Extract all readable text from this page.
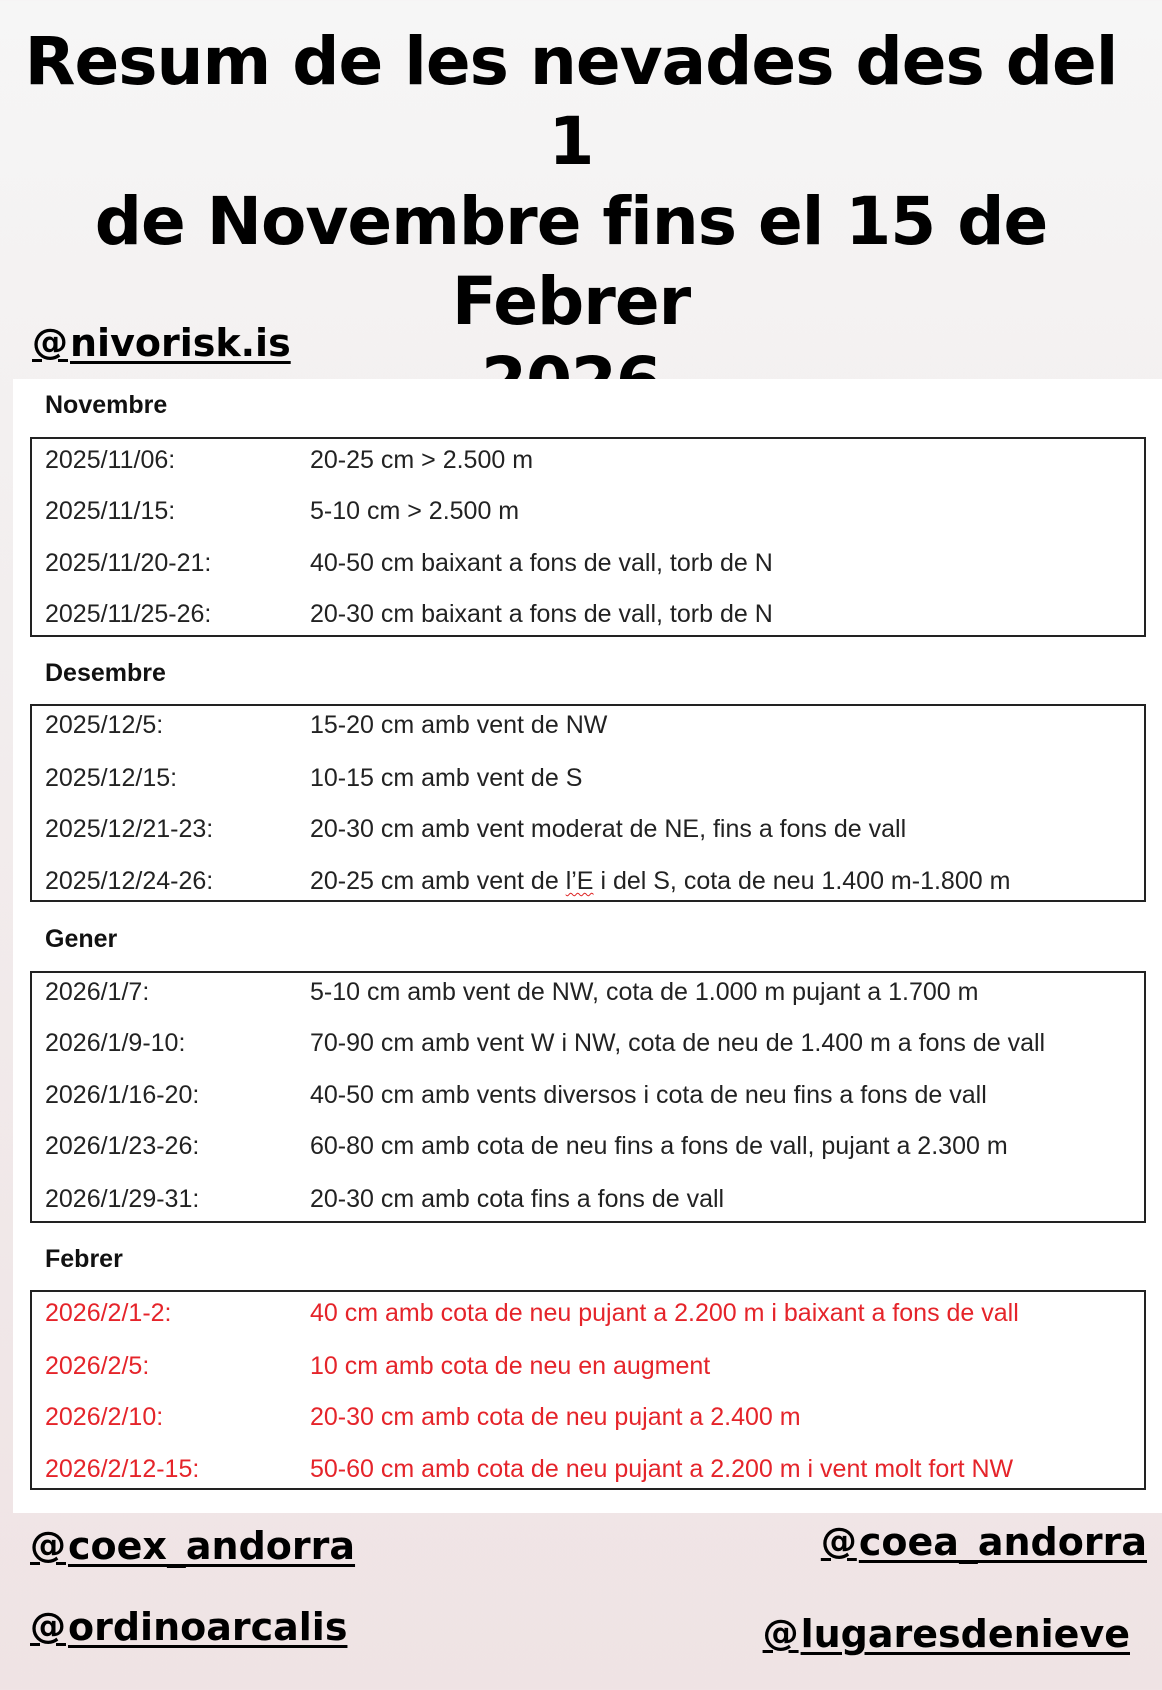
Resum de les nevades des del 1
de Novembre fins el 15 de Febrer
@ nivorisk.is
Novembre
2025/11/06:	20-25 cm > 2.500 m
2025/11/15:	5-10 cm > 2.500 m
2025/11/20-21:	40-50 cm baixant a fons de vall, torb de N
2025/11/25-26:	20-30 cm baixant a fons de vall, torb de N
Desembre
2025/12/5:	15-20 cm amb vent de NW
2025/12/15:	10-15 cm amb vent de S
2025/12/21-23:	20-30 cm amb vent moderat de NE, fins a fons de vall
2025/12/24-26:	20-25 cm amb vent de l’E i del S, cota de neu 1.400 m-1.800 m
Gener
2026/1/7:	5-10 cm amb vent de NW, cota de 1.000 m pujant a 1.700 m
2026/1/9-10:	70-90 cm amb vent W i NW, cota de neu de 1.400 m a fons de vall
2026/1/16-20:	40-50 cm amb vents diversos i cota de neu fins a fons de vall
2026/1/23-26:	60-80 cm amb cota de neu fins a fons de vall, pujant a 2.300 m
2026/1/29-31:	20-30 cm amb cota fins a fons de vall
Febrer
2026/2/1-2:	40 cm amb cota de neu pujant a 2.200 m i baixant a fons de vall
2026/2/5:	10 cm amb cota de neu en augment
2026/2/10:	20-30 cm amb cota de neu pujant a 2.400 m
2026/2/12-15:	50-60 cm amb cota de neu pujant a 2.200 m i vent molt fort NW
@ coex_andorra	@ coea_andorra
@ ordinoarcalis	@ lugaresdenieve
